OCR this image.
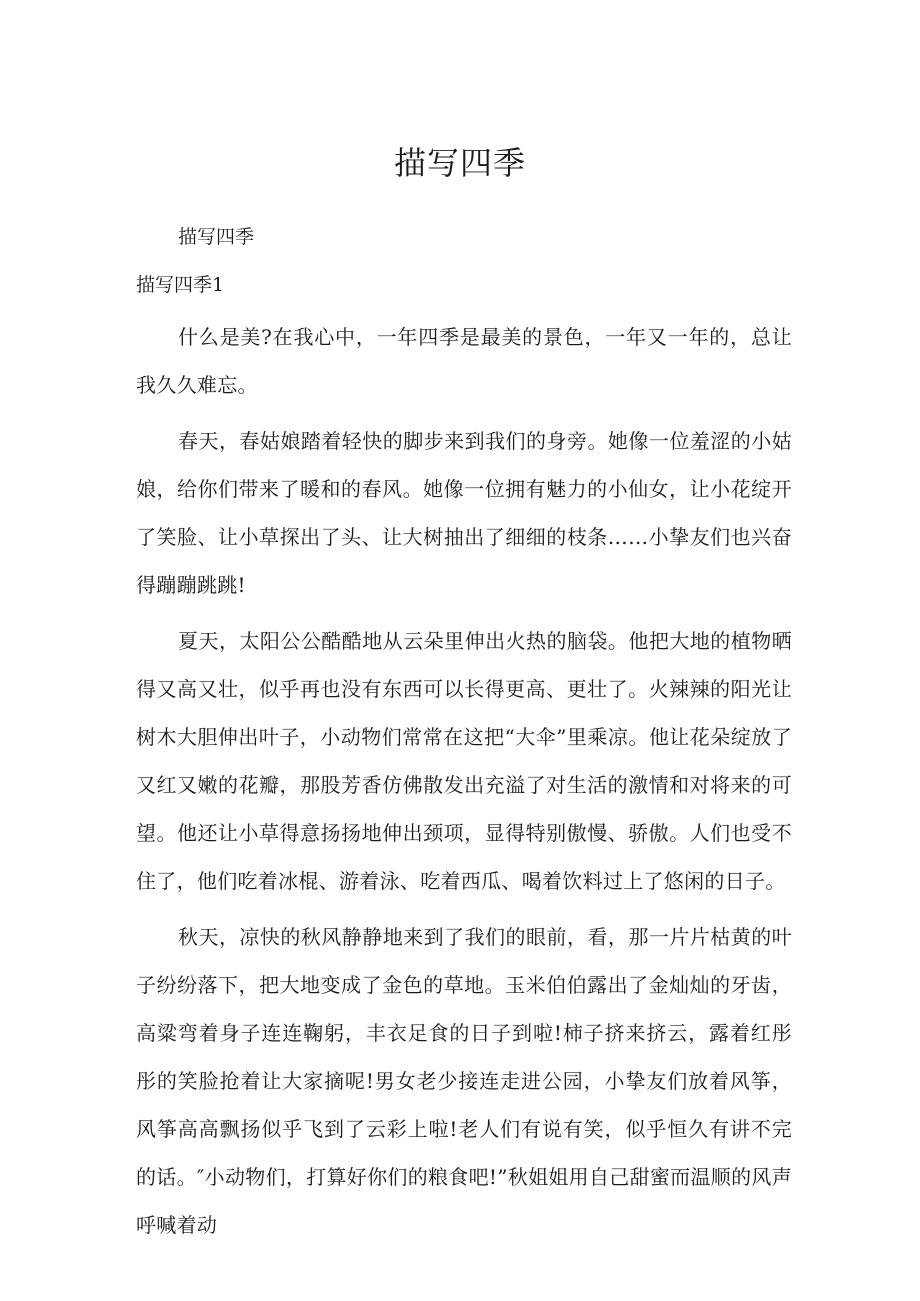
描写四季
描写四季
描写四季1

什么是美?在我心中，一年四季是最美的景色，一年又一年的，总让我久久难忘。

春天，春姑娘踏着轻快的脚步来到我们的身旁。她像一位羞涩的小姑娘，给你们带来了暖和的春风。她像一位拥有魅力的小仙女，让小花绽开了笑脸、让小草探出了头、让大树抽出了细细的枝条……小挚友们也兴奋得蹦蹦跳跳!

夏天，太阳公公酷酷地从云朵里伸出火热的脑袋。他把大地的植物晒得又高又壮，似乎再也没有东西可以长得更高、更壮了。火辣辣的阳光让树木大胆伸出叶子，小动物们常常在这把“大伞”里乘凉。他让花朵绽放了又红又嫩的花瓣，那股芳香仿佛散发出充溢了对生活的激情和对将来的可望。他还让小草得意扬扬地伸出颈项，显得特别傲慢、骄傲。人们也受不住了，他们吃着冰棍、游着泳、吃着西瓜、喝着饮料过上了悠闲的日子。

秋天，凉快的秋风静静地来到了我们的眼前，看，那一片片枯黄的叶子纷纷落下，把大地变成了金色的草地。玉米伯伯露出了金灿灿的牙齿，高粱弯着身子连连鞠躬，丰衣足食的日子到啦!柿子挤来挤云，露着红彤彤的笑脸抢着让大家摘呢!男女老少接连走进公园，小挚友们放着风筝，风筝高高飘扬似乎飞到了云彩上啦!老人们有说有笑，似乎恒久有讲不完的话。″小动物们，打算好你们的粮食吧!”秋姐姐用自己甜蜜而温顺的风声呼喊着动
